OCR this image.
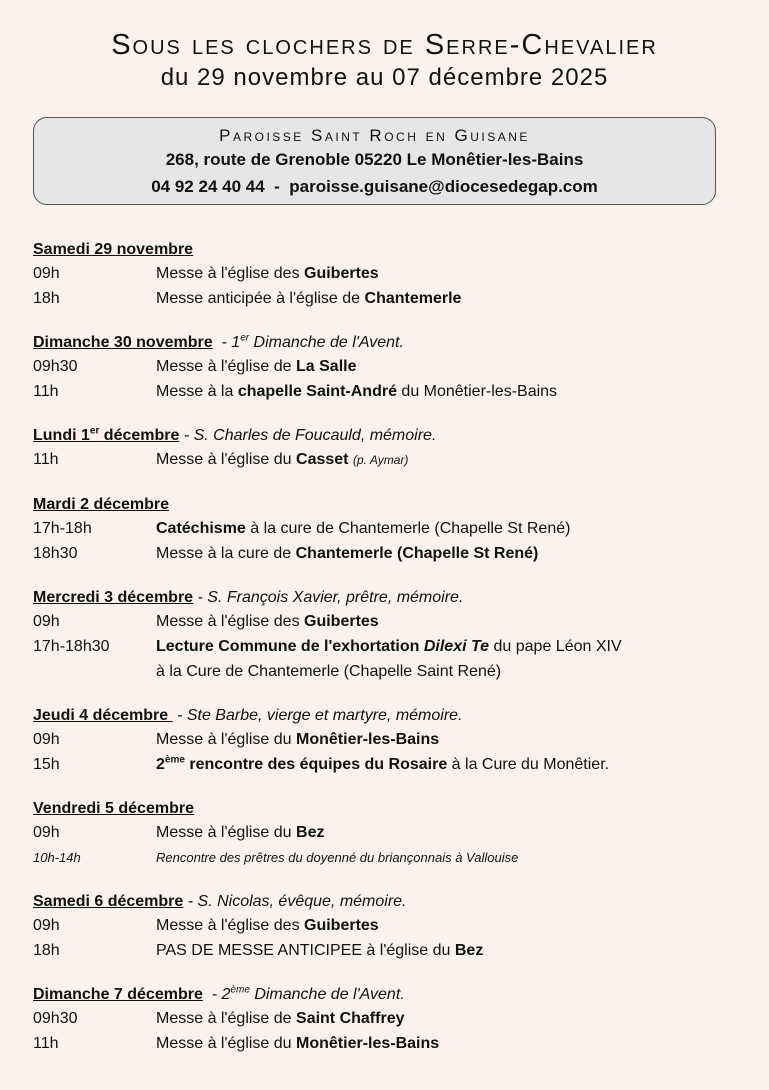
Sous les clochers de Serre-Chevalier
du 29 novembre au 07 décembre 2025
Paroisse Saint Roch en Guisane
268, route de Grenoble 05220 Le Monêtier-les-Bains
04 92 24 40 44 - paroisse.guisane@diocesedegap.com
Samedi 29 novembre
09h	Messe à l'église des Guibertes
18h	Messe anticipée à l'église de Chantemerle
Dimanche 30 novembre  - 1er Dimanche de l'Avent.
09h30	Messe à l'église de La Salle
11h	Messe à la chapelle Saint-André du Monêtier-les-Bains
Lundi 1er décembre - S. Charles de Foucauld, mémoire.
11h	Messe à l'église du Casset (p. Aymar)
Mardi 2 décembre
17h-18h	Catéchisme à la cure de Chantemerle (Chapelle St René)
18h30	Messe à la cure de Chantemerle (Chapelle St René)
Mercredi 3 décembre - S. François Xavier, prêtre, mémoire.
09h	Messe à l'église des Guibertes
17h-18h30	Lecture Commune de l'exhortation Dilexi Te du pape Léon XIV
à la Cure de Chantemerle (Chapelle Saint René)
Jeudi 4 décembre  - Ste Barbe, vierge et martyre, mémoire.
09h	Messe à l'église du Monêtier-les-Bains
15h	2ème rencontre des équipes du Rosaire à la Cure du Monêtier.
Vendredi 5 décembre
09h	Messe à l'église du Bez
10h-14h	Rencontre des prêtres du doyenné du briançonnais à Vallouise
Samedi 6 décembre - S. Nicolas, évêque, mémoire.
09h	Messe à l'église des Guibertes
18h	PAS DE MESSE ANTICIPEE à l'église du Bez
Dimanche 7 décembre  - 2ème Dimanche de l'Avent.
09h30	Messe à l'église de Saint Chaffrey
11h	Messe à l'église du Monêtier-les-Bains
